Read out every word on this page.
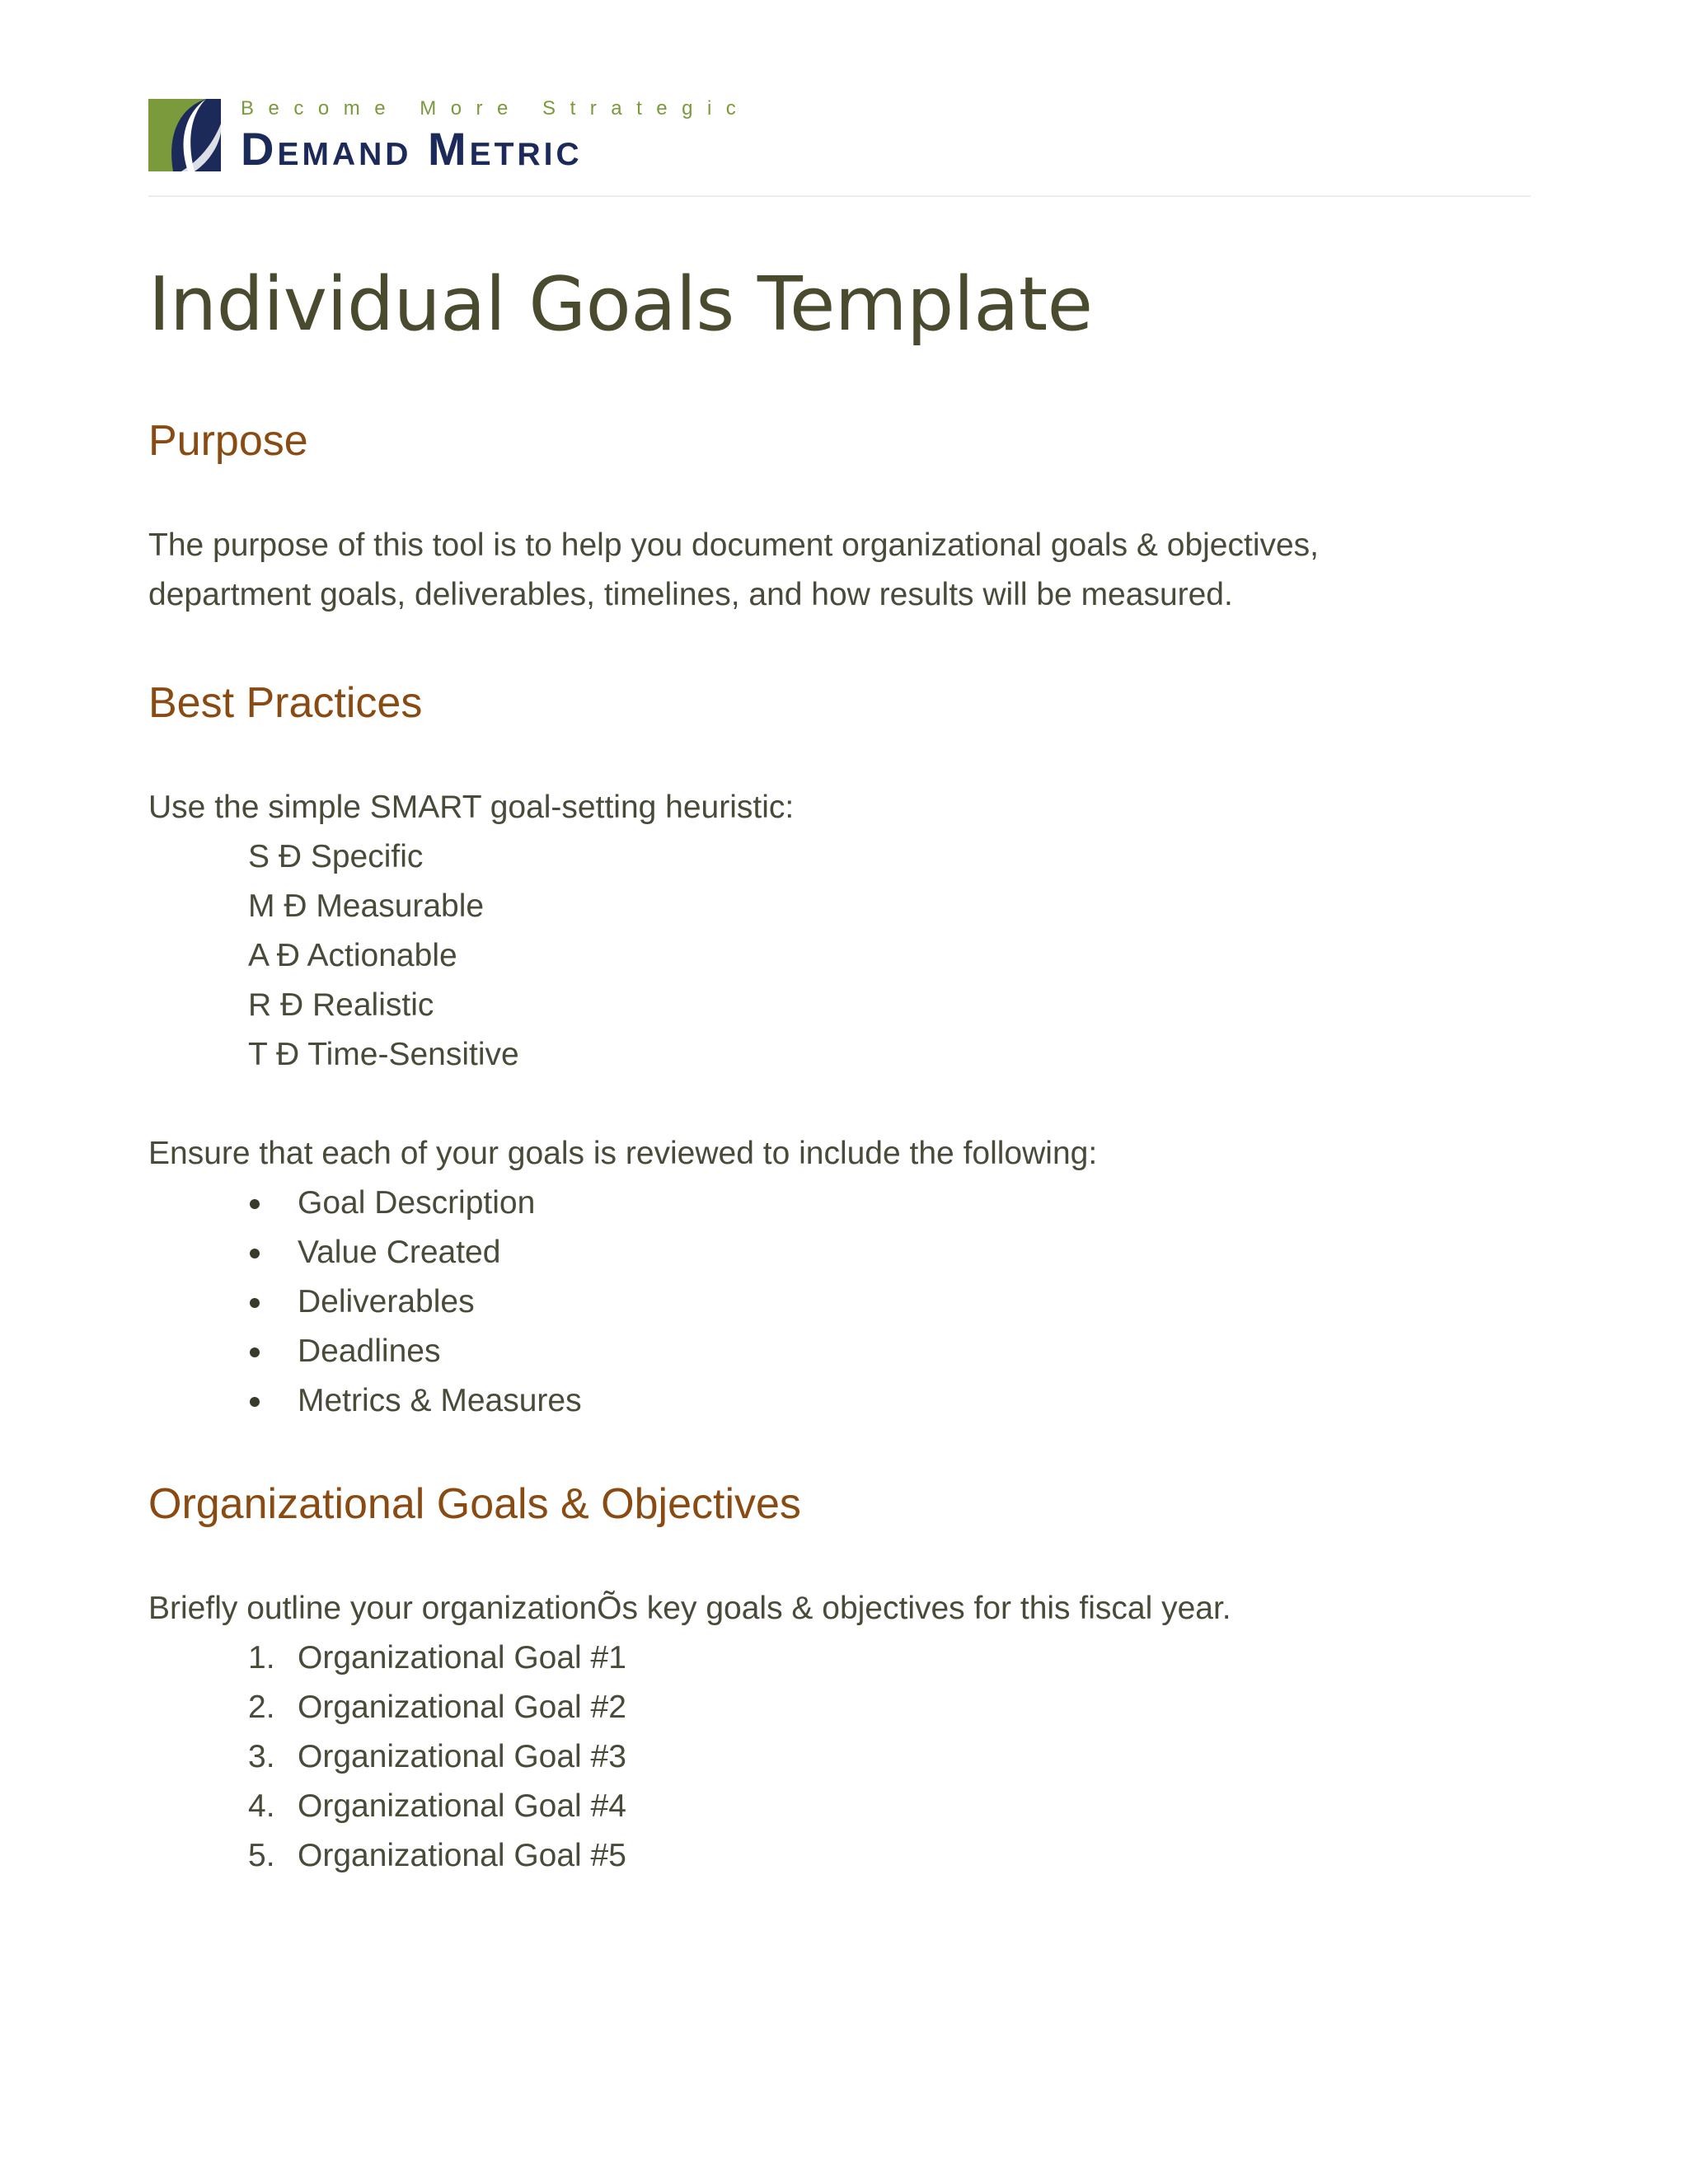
Become More Strategic
Demand Metric
Individual Goals Template
Purpose

The purpose of this tool is to help you document organizational goals & objectives,

department goals, deliverables, timelines, and how results will be measured.

Best Practices

Use the simple SMART goal-setting heuristic:

S Ð Specific
M Ð Measurable
A Ð Actionable
R Ð Realistic
T Ð Time-Sensitive

Ensure that each of your goals is reviewed to include the following:

Goal Description
Value Created
Deliverables
Deadlines
Metrics & Measures
Organizational Goals & Objectives

Briefly outline your organizationÕs key goals & objectives for this fiscal year.

1. Organizational Goal #1
2. Organizational Goal #2
3. Organizational Goal #3
4. Organizational Goal #4
5. Organizational Goal #5
